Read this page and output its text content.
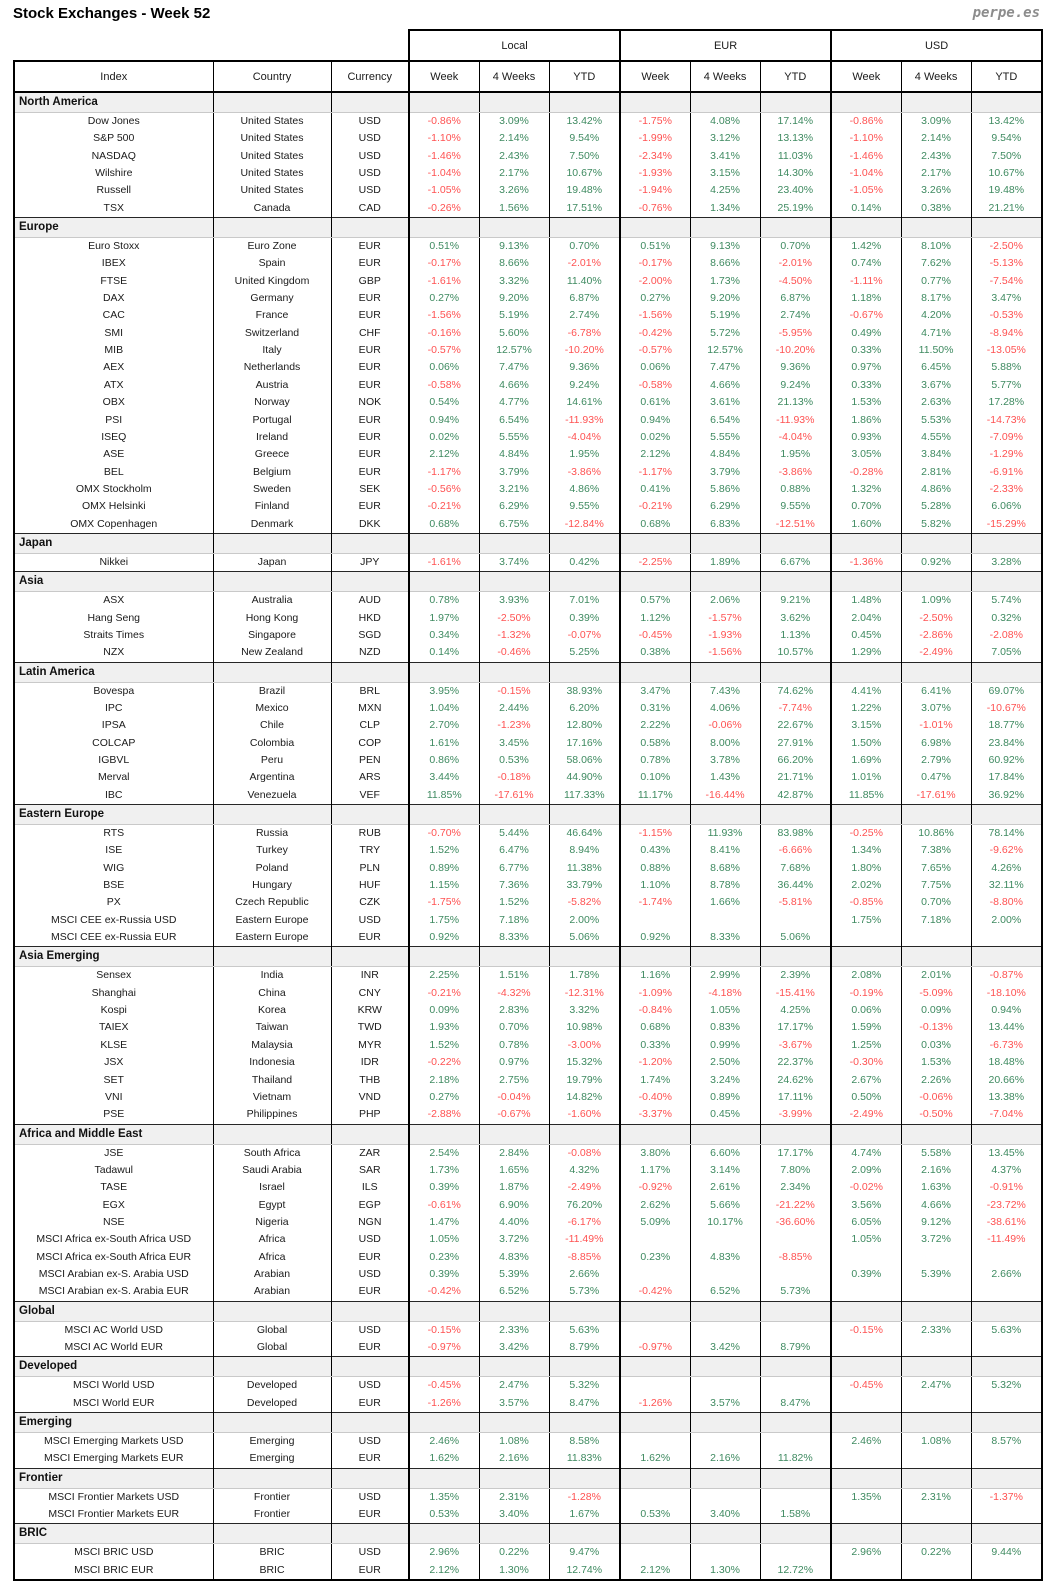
Stock Exchanges - Week 52	perpe.es
			Local			EUR			USD		
Index	Country	Currency	Week	4 Weeks	YTD	Week	4 Weeks	YTD	Week	4 Weeks	YTD
North America											
Dow Jones	United States	USD	-0.86%	3.09%	13.42%	-1.75%	4.08%	17.14%	-0.86%	3.09%	13.42%
S&P 500	United States	USD	-1.10%	2.14%	9.54%	-1.99%	3.12%	13.13%	-1.10%	2.14%	9.54%
NASDAQ	United States	USD	-1.46%	2.43%	7.50%	-2.34%	3.41%	11.03%	-1.46%	2.43%	7.50%
Wilshire	United States	USD	-1.04%	2.17%	10.67%	-1.93%	3.15%	14.30%	-1.04%	2.17%	10.67%
Russell	United States	USD	-1.05%	3.26%	19.48%	-1.94%	4.25%	23.40%	-1.05%	3.26%	19.48%
TSX	Canada	CAD	-0.26%	1.56%	17.51%	-0.76%	1.34%	25.19%	0.14%	0.38%	21.21%
Europe											
Euro Stoxx	Euro Zone	EUR	0.51%	9.13%	0.70%	0.51%	9.13%	0.70%	1.42%	8.10%	-2.50%
IBEX	Spain	EUR	-0.17%	8.66%	-2.01%	-0.17%	8.66%	-2.01%	0.74%	7.62%	-5.13%
FTSE	United Kingdom	GBP	-1.61%	3.32%	11.40%	-2.00%	1.73%	-4.50%	-1.11%	0.77%	-7.54%
DAX	Germany	EUR	0.27%	9.20%	6.87%	0.27%	9.20%	6.87%	1.18%	8.17%	3.47%
CAC	France	EUR	-1.56%	5.19%	2.74%	-1.56%	5.19%	2.74%	-0.67%	4.20%	-0.53%
SMI	Switzerland	CHF	-0.16%	5.60%	-6.78%	-0.42%	5.72%	-5.95%	0.49%	4.71%	-8.94%
MIB	Italy	EUR	-0.57%	12.57%	-10.20%	-0.57%	12.57%	-10.20%	0.33%	11.50%	-13.05%
AEX	Netherlands	EUR	0.06%	7.47%	9.36%	0.06%	7.47%	9.36%	0.97%	6.45%	5.88%
ATX	Austria	EUR	-0.58%	4.66%	9.24%	-0.58%	4.66%	9.24%	0.33%	3.67%	5.77%
OBX	Norway	NOK	0.54%	4.77%	14.61%	0.61%	3.61%	21.13%	1.53%	2.63%	17.28%
PSI	Portugal	EUR	0.94%	6.54%	-11.93%	0.94%	6.54%	-11.93%	1.86%	5.53%	-14.73%
ISEQ	Ireland	EUR	0.02%	5.55%	-4.04%	0.02%	5.55%	-4.04%	0.93%	4.55%	-7.09%
ASE	Greece	EUR	2.12%	4.84%	1.95%	2.12%	4.84%	1.95%	3.05%	3.84%	-1.29%
BEL	Belgium	EUR	-1.17%	3.79%	-3.86%	-1.17%	3.79%	-3.86%	-0.28%	2.81%	-6.91%
OMX Stockholm	Sweden	SEK	-0.56%	3.21%	4.86%	0.41%	5.86%	0.88%	1.32%	4.86%	-2.33%
OMX Helsinki	Finland	EUR	-0.21%	6.29%	9.55%	-0.21%	6.29%	9.55%	0.70%	5.28%	6.06%
OMX Copenhagen	Denmark	DKK	0.68%	6.75%	-12.84%	0.68%	6.83%	-12.51%	1.60%	5.82%	-15.29%
Japan											
Nikkei	Japan	JPY	-1.61%	3.74%	0.42%	-2.25%	1.89%	6.67%	-1.36%	0.92%	3.28%
Asia											
ASX	Australia	AUD	0.78%	3.93%	7.01%	0.57%	2.06%	9.21%	1.48%	1.09%	5.74%
Hang Seng	Hong Kong	HKD	1.97%	-2.50%	0.39%	1.12%	-1.57%	3.62%	2.04%	-2.50%	0.32%
Straits Times	Singapore	SGD	0.34%	-1.32%	-0.07%	-0.45%	-1.93%	1.13%	0.45%	-2.86%	-2.08%
NZX	New Zealand	NZD	0.14%	-0.46%	5.25%	0.38%	-1.56%	10.57%	1.29%	-2.49%	7.05%
Latin America											
Bovespa	Brazil	BRL	3.95%	-0.15%	38.93%	3.47%	7.43%	74.62%	4.41%	6.41%	69.07%
IPC	Mexico	MXN	1.04%	2.44%	6.20%	0.31%	4.06%	-7.74%	1.22%	3.07%	-10.67%
IPSA	Chile	CLP	2.70%	-1.23%	12.80%	2.22%	-0.06%	22.67%	3.15%	-1.01%	18.77%
COLCAP	Colombia	COP	1.61%	3.45%	17.16%	0.58%	8.00%	27.91%	1.50%	6.98%	23.84%
IGBVL	Peru	PEN	0.86%	0.53%	58.06%	0.78%	3.78%	66.20%	1.69%	2.79%	60.92%
Merval	Argentina	ARS	3.44%	-0.18%	44.90%	0.10%	1.43%	21.71%	1.01%	0.47%	17.84%
IBC	Venezuela	VEF	11.85%	-17.61%	117.33%	11.17%	-16.44%	42.87%	11.85%	-17.61%	36.92%
Eastern Europe											
RTS	Russia	RUB	-0.70%	5.44%	46.64%	-1.15%	11.93%	83.98%	-0.25%	10.86%	78.14%
ISE	Turkey	TRY	1.52%	6.47%	8.94%	0.43%	8.41%	-6.66%	1.34%	7.38%	-9.62%
WIG	Poland	PLN	0.89%	6.77%	11.38%	0.88%	8.68%	7.68%	1.80%	7.65%	4.26%
BSE	Hungary	HUF	1.15%	7.36%	33.79%	1.10%	8.78%	36.44%	2.02%	7.75%	32.11%
PX	Czech Republic	CZK	-1.75%	1.52%	-5.82%	-1.74%	1.66%	-5.81%	-0.85%	0.70%	-8.80%
MSCI CEE ex-Russia USD	Eastern Europe	USD	1.75%	7.18%	2.00%				1.75%	7.18%	2.00%
MSCI CEE ex-Russia EUR	Eastern Europe	EUR	0.92%	8.33%	5.06%	0.92%	8.33%	5.06%			
Asia Emerging											
Sensex	India	INR	2.25%	1.51%	1.78%	1.16%	2.99%	2.39%	2.08%	2.01%	-0.87%
Shanghai	China	CNY	-0.21%	-4.32%	-12.31%	-1.09%	-4.18%	-15.41%	-0.19%	-5.09%	-18.10%
Kospi	Korea	KRW	0.09%	2.83%	3.32%	-0.84%	1.05%	4.25%	0.06%	0.09%	0.94%
TAIEX	Taiwan	TWD	1.93%	0.70%	10.98%	0.68%	0.83%	17.17%	1.59%	-0.13%	13.44%
KLSE	Malaysia	MYR	1.52%	0.78%	-3.00%	0.33%	0.99%	-3.67%	1.25%	0.03%	-6.73%
JSX	Indonesia	IDR	-0.22%	0.97%	15.32%	-1.20%	2.50%	22.37%	-0.30%	1.53%	18.48%
SET	Thailand	THB	2.18%	2.75%	19.79%	1.74%	3.24%	24.62%	2.67%	2.26%	20.66%
VNI	Vietnam	VND	0.27%	-0.04%	14.82%	-0.40%	0.89%	17.11%	0.50%	-0.06%	13.38%
PSE	Philippines	PHP	-2.88%	-0.67%	-1.60%	-3.37%	0.45%	-3.99%	-2.49%	-0.50%	-7.04%
Africa and Middle East											
JSE	South Africa	ZAR	2.54%	2.84%	-0.08%	3.80%	6.60%	17.17%	4.74%	5.58%	13.45%
Tadawul	Saudi Arabia	SAR	1.73%	1.65%	4.32%	1.17%	3.14%	7.80%	2.09%	2.16%	4.37%
TASE	Israel	ILS	0.39%	1.87%	-2.49%	-0.92%	2.61%	2.34%	-0.02%	1.63%	-0.91%
EGX	Egypt	EGP	-0.61%	6.90%	76.20%	2.62%	5.66%	-21.22%	3.56%	4.66%	-23.72%
NSE	Nigeria	NGN	1.47%	4.40%	-6.17%	5.09%	10.17%	-36.60%	6.05%	9.12%	-38.61%
MSCI Africa ex-South Africa USD	Africa	USD	1.05%	3.72%	-11.49%				1.05%	3.72%	-11.49%
MSCI Africa ex-South Africa EUR	Africa	EUR	0.23%	4.83%	-8.85%	0.23%	4.83%	-8.85%			
MSCI Arabian ex-S. Arabia USD	Arabian	USD	0.39%	5.39%	2.66%				0.39%	5.39%	2.66%
MSCI Arabian ex-S. Arabia EUR	Arabian	EUR	-0.42%	6.52%	5.73%	-0.42%	6.52%	5.73%			
Global											
MSCI AC World USD	Global	USD	-0.15%	2.33%	5.63%				-0.15%	2.33%	5.63%
MSCI AC World EUR	Global	EUR	-0.97%	3.42%	8.79%	-0.97%	3.42%	8.79%			
Developed											
MSCI World USD	Developed	USD	-0.45%	2.47%	5.32%				-0.45%	2.47%	5.32%
MSCI World EUR	Developed	EUR	-1.26%	3.57%	8.47%	-1.26%	3.57%	8.47%			
Emerging											
MSCI Emerging Markets USD	Emerging	USD	2.46%	1.08%	8.58%				2.46%	1.08%	8.57%
MSCI Emerging Markets EUR	Emerging	EUR	1.62%	2.16%	11.83%	1.62%	2.16%	11.82%			
Frontier											
MSCI Frontier Markets USD	Frontier	USD	1.35%	2.31%	-1.28%				1.35%	2.31%	-1.37%
MSCI Frontier Markets EUR	Frontier	EUR	0.53%	3.40%	1.67%	0.53%	3.40%	1.58%			
BRIC											
MSCI BRIC USD	BRIC	USD	2.96%	0.22%	9.47%				2.96%	0.22%	9.44%
MSCI BRIC EUR	BRIC	EUR	2.12%	1.30%	12.74%	2.12%	1.30%	12.72%			
